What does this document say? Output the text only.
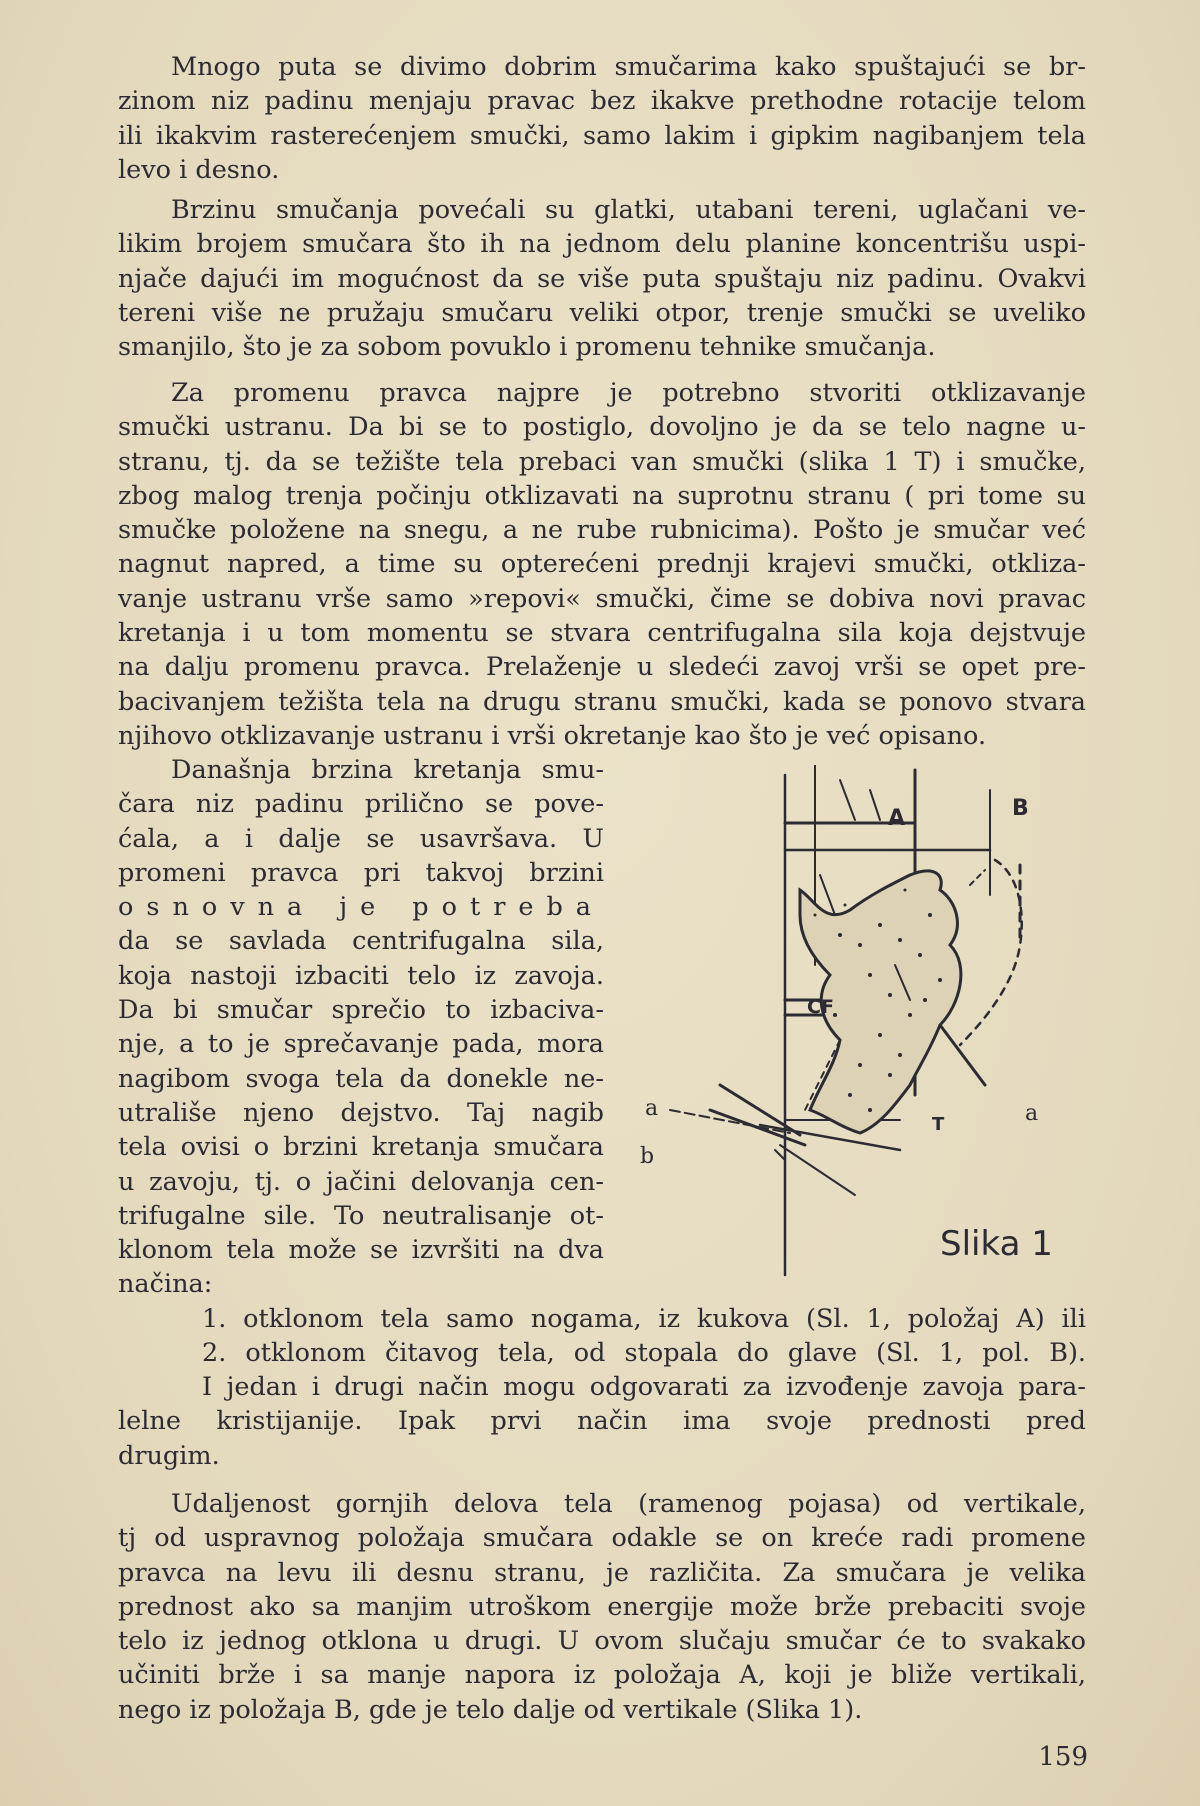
Mnogo puta se divimo dobrim smučarima kako spuštajući se br-
zinom niz padinu menjaju pravac bez ikakve prethodne rotacije telom
ili ikakvim rasterećenjem smučki, samo lakim i gipkim nagibanjem tela
levo i desno.
Brzinu smučanja povećali su glatki, utabani tereni, uglačani ve-
likim brojem smučara što ih na jednom delu planine koncentrišu uspi-
njače dajući im mogućnost da se više puta spuštaju niz padinu. Ovakvi
tereni više ne pružaju smučaru veliki otpor, trenje smučki se uveliko
smanjilo, što je za sobom povuklo i promenu tehnike smučanja.
Za promenu pravca najpre je potrebno stvoriti otklizavanje
smučki ustranu. Da bi se to postiglo, dovoljno je da se telo nagne u-
stranu, tj. da se težište tela prebaci van smučki (slika 1 T) i smučke,
zbog malog trenja počinju otklizavati na suprotnu stranu ( pri tome su
smučke položene na snegu, a ne rube rubnicima). Pošto je smučar već
nagnut napred, a time su opterećeni prednji krajevi smučki, otkliza-
vanje ustranu vrše samo »repovi« smučki, čime se dobiva novi pravac
kretanja i u tom momentu se stvara centrifugalna sila koja dejstvuje
na dalju promenu pravca. Prelaženje u sledeći zavoj vrši se opet pre-
bacivanjem težišta tela na drugu stranu smučki, kada se ponovo stvara
njihovo otklizavanje ustranu i vrši okretanje kao što je već opisano.
Današnja brzina kretanja smu-
čara niz padinu prilično se pove-
ćala, a i dalje se usavršava. U
promeni pravca pri takvoj brzini
osnovna je potreba
da se savlada centrifugalna sila,
koja nastoji izbaciti telo iz zavoja.
Da bi smučar sprečio to izbaciva-
nje, a to je sprečavanje pada, mora
nagibom svoga tela da donekle ne-
utrališe njeno dejstvo. Taj nagib
tela ovisi o brzini kretanja smučara
u zavoju, tj. o jačini delovanja cen-
trifugalne sile. To neutralisanje ot-
klonom tela može se izvršiti na dva
načina:
1. otklonom tela samo nogama, iz kukova (Sl. 1, položaj A) ili
2. otklonom čitavog tela, od stopala do glave (Sl. 1, pol. B).
I jedan i drugi način mogu odgovarati za izvođenje zavoja para-
lelne kristijanije. Ipak prvi način ima svoje prednosti pred
drugim.
Udaljenost gornjih delova tela (ramenog pojasa) od vertikale,
tj od uspravnog položaja smučara odakle se on kreće radi promene
pravca na levu ili desnu stranu, je različita. Za smučara je velika
prednost ako sa manjim utroškom energije može brže prebaciti svoje
telo iz jednog otklona u drugi. U ovom slučaju smučar će to svakako
učiniti brže i sa manje napora iz položaja A, koji je bliže vertikali,
nego iz položaja B, gde je telo dalje od vertikale (Slika 1).
A	B
CF
T
a
b
a
Slika 1
159
